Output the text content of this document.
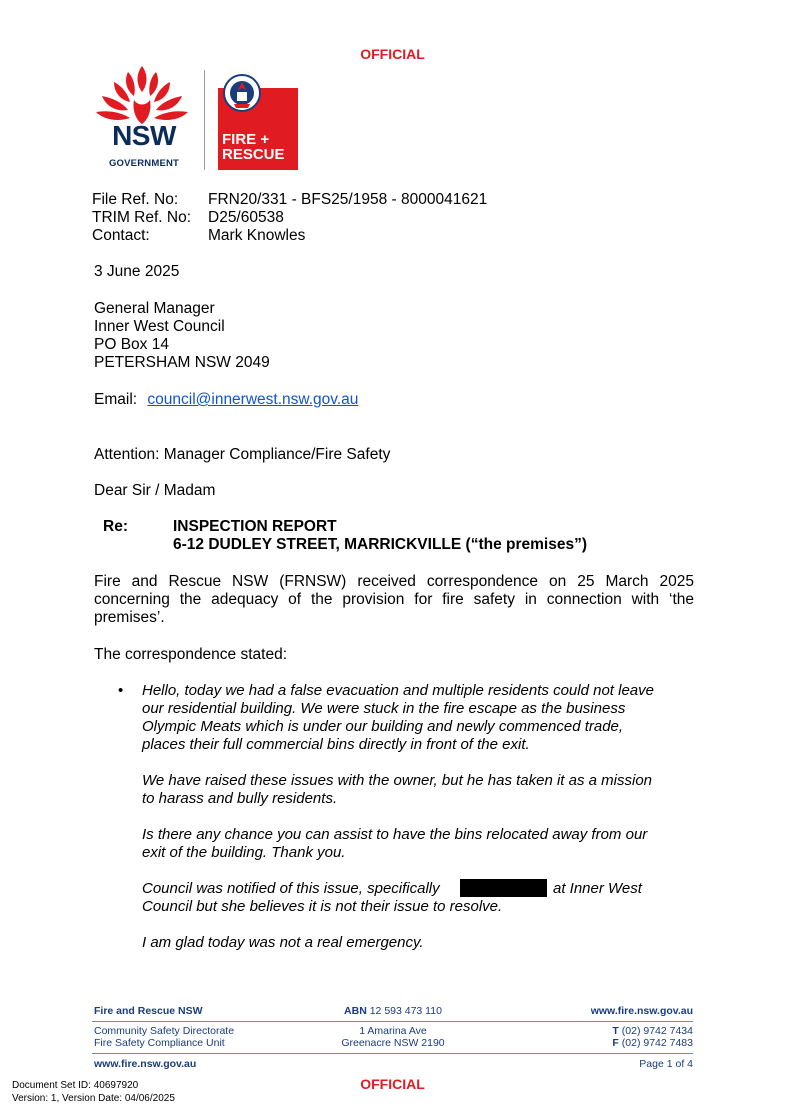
OFFICIAL
NSW
GOVERNMENT
FIRE +
RESCUE
File Ref. No: FRN20/331 - BFS25/1958 - 8000041621
TRIM Ref. No: D25/60538
Contact:	Mark Knowles
3 June 2025
General Manager
Inner West Council
PO Box 14
PETERSHAM NSW 2049
Email: council@innerwest.nsw.gov.au
Attention: Manager Compliance/Fire Safety
Dear Sir / Madam
Re:	INSPECTION REPORT
6-12 DUDLEY STREET, MARRICKVILLE (“the premises”)
Fire and Rescue NSW (FRNSW) received correspondence on 25 March 2025
concerning the adequacy of the provision for fire safety in connection with ‘the
premises’.
The correspondence stated:
• Hello, today we had a false evacuation and multiple residents could not leave
our residential building. We were stuck in the fire escape as the business
Olympic Meats which is under our building and newly commenced trade,
places their full commercial bins directly in front of the exit.
We have raised these issues with the owner, but he has taken it as a mission
to harass and bully residents.
Is there any chance you can assist to have the bins relocated away from our
exit of the building. Thank you.
Council was notified of this issue, specifically	at Inner West
Council but she believes it is not their issue to resolve.
I am glad today was not a real emergency.
Fire and Rescue NSW	ABN 12 593 473 110	www.fire.nsw.gov.au
Community Safety Directorate
Fire Safety Compliance Unit
1 Amarina Ave
Greenacre NSW 2190
T (02) 9742 7434
F (02) 9742 7483
www.fire.nsw.gov.au	Page 1 of 4
OFFICIAL
Document Set ID: 40697920
Version: 1, Version Date: 04/06/2025
